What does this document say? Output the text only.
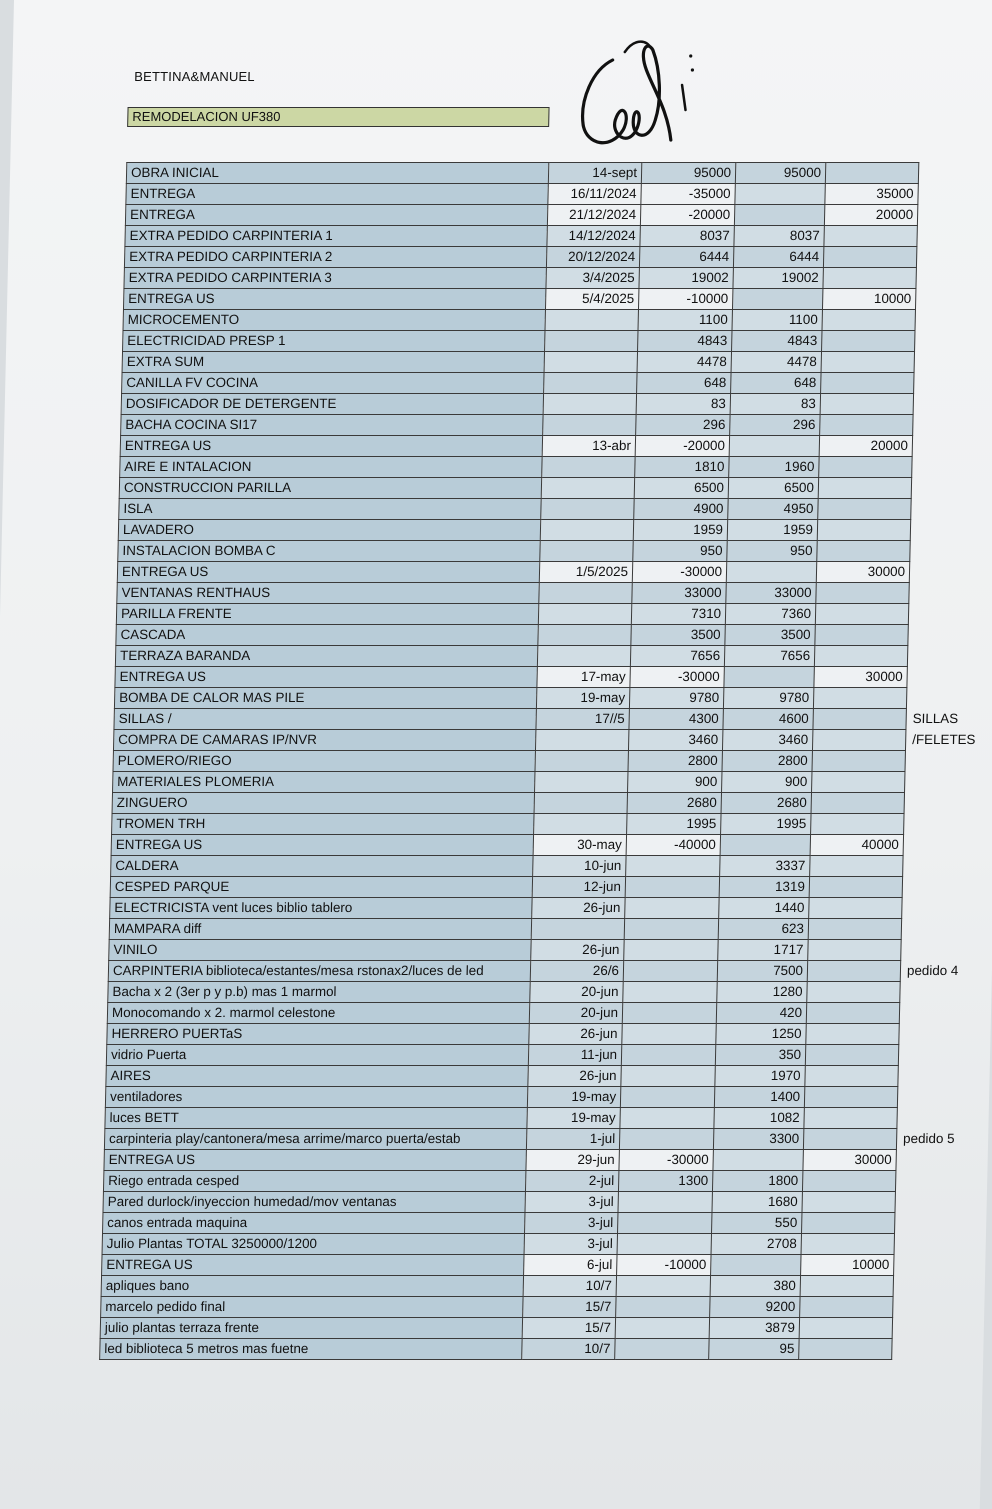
BETTINA&MANUEL
REMODELACION UF380
OBRA INICIAL	14-sept	95000	95000		
ENTREGA	16/11/2024	-35000		35000	
ENTREGA	21/12/2024	-20000		20000	
EXTRA PEDIDO CARPINTERIA 1	14/12/2024	8037	8037		
EXTRA PEDIDO CARPINTERIA 2	20/12/2024	6444	6444		
EXTRA PEDIDO CARPINTERIA 3	3/4/2025	19002	19002		
ENTREGA US	5/4/2025	-10000		10000	
MICROCEMENTO		1100	1100		
ELECTRICIDAD PRESP 1		4843	4843		
EXTRA SUM		4478	4478		
CANILLA FV COCINA		648	648		
DOSIFICADOR DE DETERGENTE		83	83		
BACHA COCINA SI17		296	296		
ENTREGA US	13-abr	-20000		20000	
AIRE E INTALACION		1810	1960		
CONSTRUCCION PARILLA		6500	6500		
ISLA		4900	4950		
LAVADERO		1959	1959		
INSTALACION BOMBA C		950	950		
ENTREGA US	1/5/2025	-30000		30000	
VENTANAS RENTHAUS		33000	33000		
PARILLA FRENTE		7310	7360		
CASCADA		3500	3500		
TERRAZA BARANDA		7656	7656		
ENTREGA US	17-may	-30000		30000	
BOMBA DE CALOR MAS PILE	19-may	9780	9780		
SILLAS /	17//5	4300	4600		SILLAS
COMPRA DE CAMARAS IP/NVR		3460	3460		/FELETES
PLOMERO/RIEGO		2800	2800		
MATERIALES PLOMERIA		900	900		
ZINGUERO		2680	2680		
TROMEN TRH		1995	1995		
ENTREGA US	30-may	-40000		40000	
CALDERA	10-jun		3337		
CESPED PARQUE	12-jun		1319		
ELECTRICISTA vent luces biblio tablero	26-jun		1440		
MAMPARA diff			623		
VINILO	26-jun		1717		
CARPINTERIA biblioteca/estantes/mesa rstonax2/luces de led	26/6		7500		pedido 4
Bacha x 2 (3er p y p.b) mas 1 marmol	20-jun		1280		
Monocomando x 2. marmol celestone	20-jun		420		
HERRERO PUERTaS	26-jun		1250		
vidrio Puerta	11-jun		350		
AIRES	26-jun		1970		
ventiladores	19-may		1400		
luces BETT	19-may		1082		
carpinteria play/cantonera/mesa arrime/marco puerta/estab	1-jul		3300		pedido 5
ENTREGA US	29-jun	-30000		30000	
Riego entrada cesped	2-jul	1300	1800		
Pared durlock/inyeccion humedad/mov ventanas	3-jul		1680		
canos entrada maquina	3-jul		550		
Julio Plantas TOTAL 3250000/1200	3-jul		2708		
ENTREGA US	6-jul	-10000		10000	
apliques bano	10/7		380		
marcelo pedido final	15/7		9200		
julio plantas terraza frente	15/7		3879		
led biblioteca 5 metros mas fuetne	10/7		95		
